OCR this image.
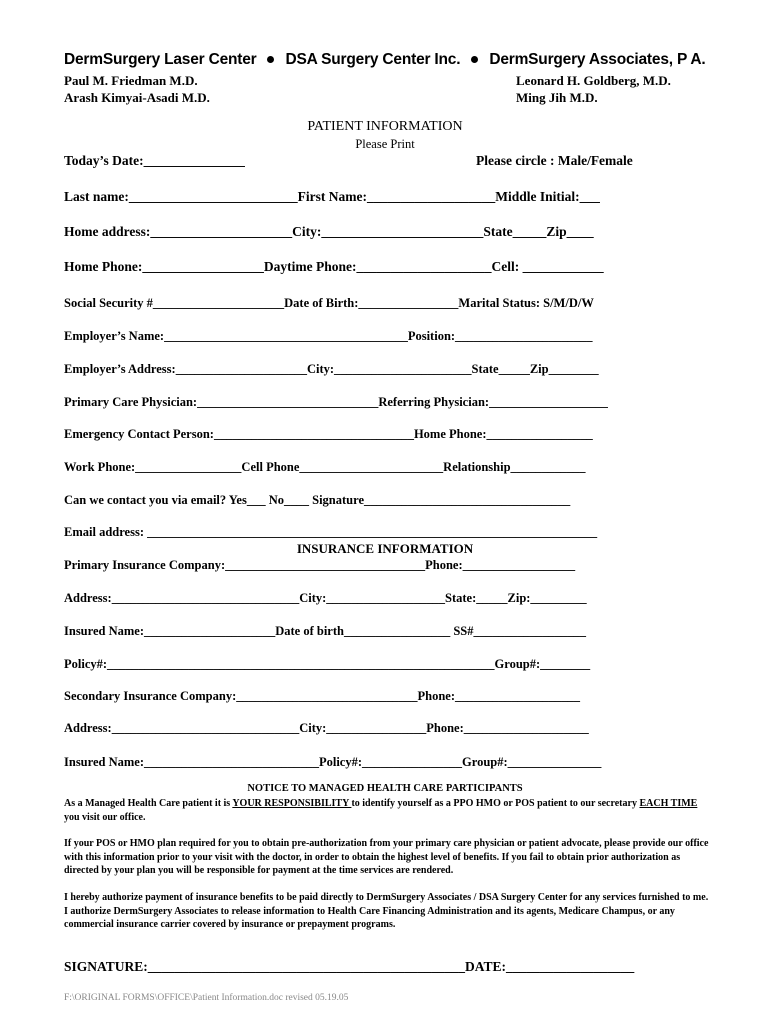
DermSurgery Laser Center DSA Surgery Center Inc. DermSurgery Associates, P A.
Paul M. Friedman M.D.
Arash Kimyai-Asadi M.D.
Leonard H. Goldberg, M.D.
Ming Jih M.D.
PATIENT INFORMATION
Please Print
Today’s Date:_______________	Please circle : Male/Female
Last name:_________________________First Name:___________________Middle Initial:___
Home address:_____________________City:________________________State_____Zip____
Home Phone:__________________Daytime Phone:____________________Cell: ____________
Social Security #_____________________Date of Birth:________________Marital Status: S/M/D/W
Employer’s Name:_______________________________________Position:______________________
Employer’s Address:_____________________City:______________________State_____Zip________
Primary Care Physician:_____________________________Referring Physician:___________________
Emergency Contact Person:________________________________Home Phone:_________________
Work Phone:_________________Cell Phone_______________________Relationship____________
Can we contact you via email? Yes___ No____ Signature_________________________________
Email address: ________________________________________________________________________
INSURANCE INFORMATION
Primary Insurance Company:________________________________Phone:__________________
Address:______________________________City:___________________State:_____Zip:_________
Insured Name:_____________________Date of birth_________________ SS#__________________
Policy#:______________________________________________________________Group#:________
Secondary Insurance Company:_____________________________Phone:____________________
Address:______________________________City:________________Phone:____________________
Insured Name:____________________________Policy#:________________Group#:_______________
NOTICE TO MANAGED HEALTH CARE PARTICIPANTS
As a Managed Health Care patient it is YOUR RESPONSIBILITY to identify yourself as a PPO HMO or POS patient to our secretary EACH TIME you visit our office.
If your POS or HMO plan required for you to obtain pre-authorization from your primary care physician or patient advocate, please provide our office with this information prior to your visit with the doctor, in order to obtain the highest level of benefits. If you fail to obtain prior authorization as directed by your plan you will be responsible for payment at the time services are rendered.
I hereby authorize payment of insurance benefits to be paid directly to DermSurgery Associates / DSA Surgery Center for any services furnished to me. I authorize DermSurgery Associates to release information to Health Care Financing Administration and its agents, Medicare Champus, or any commercial insurance carrier covered by insurance or prepayment programs.
SIGNATURE:_______________________________________________DATE:___________________
F:\ORIGINAL FORMS\OFFICE\Patient Information.doc revised 05.19.05
